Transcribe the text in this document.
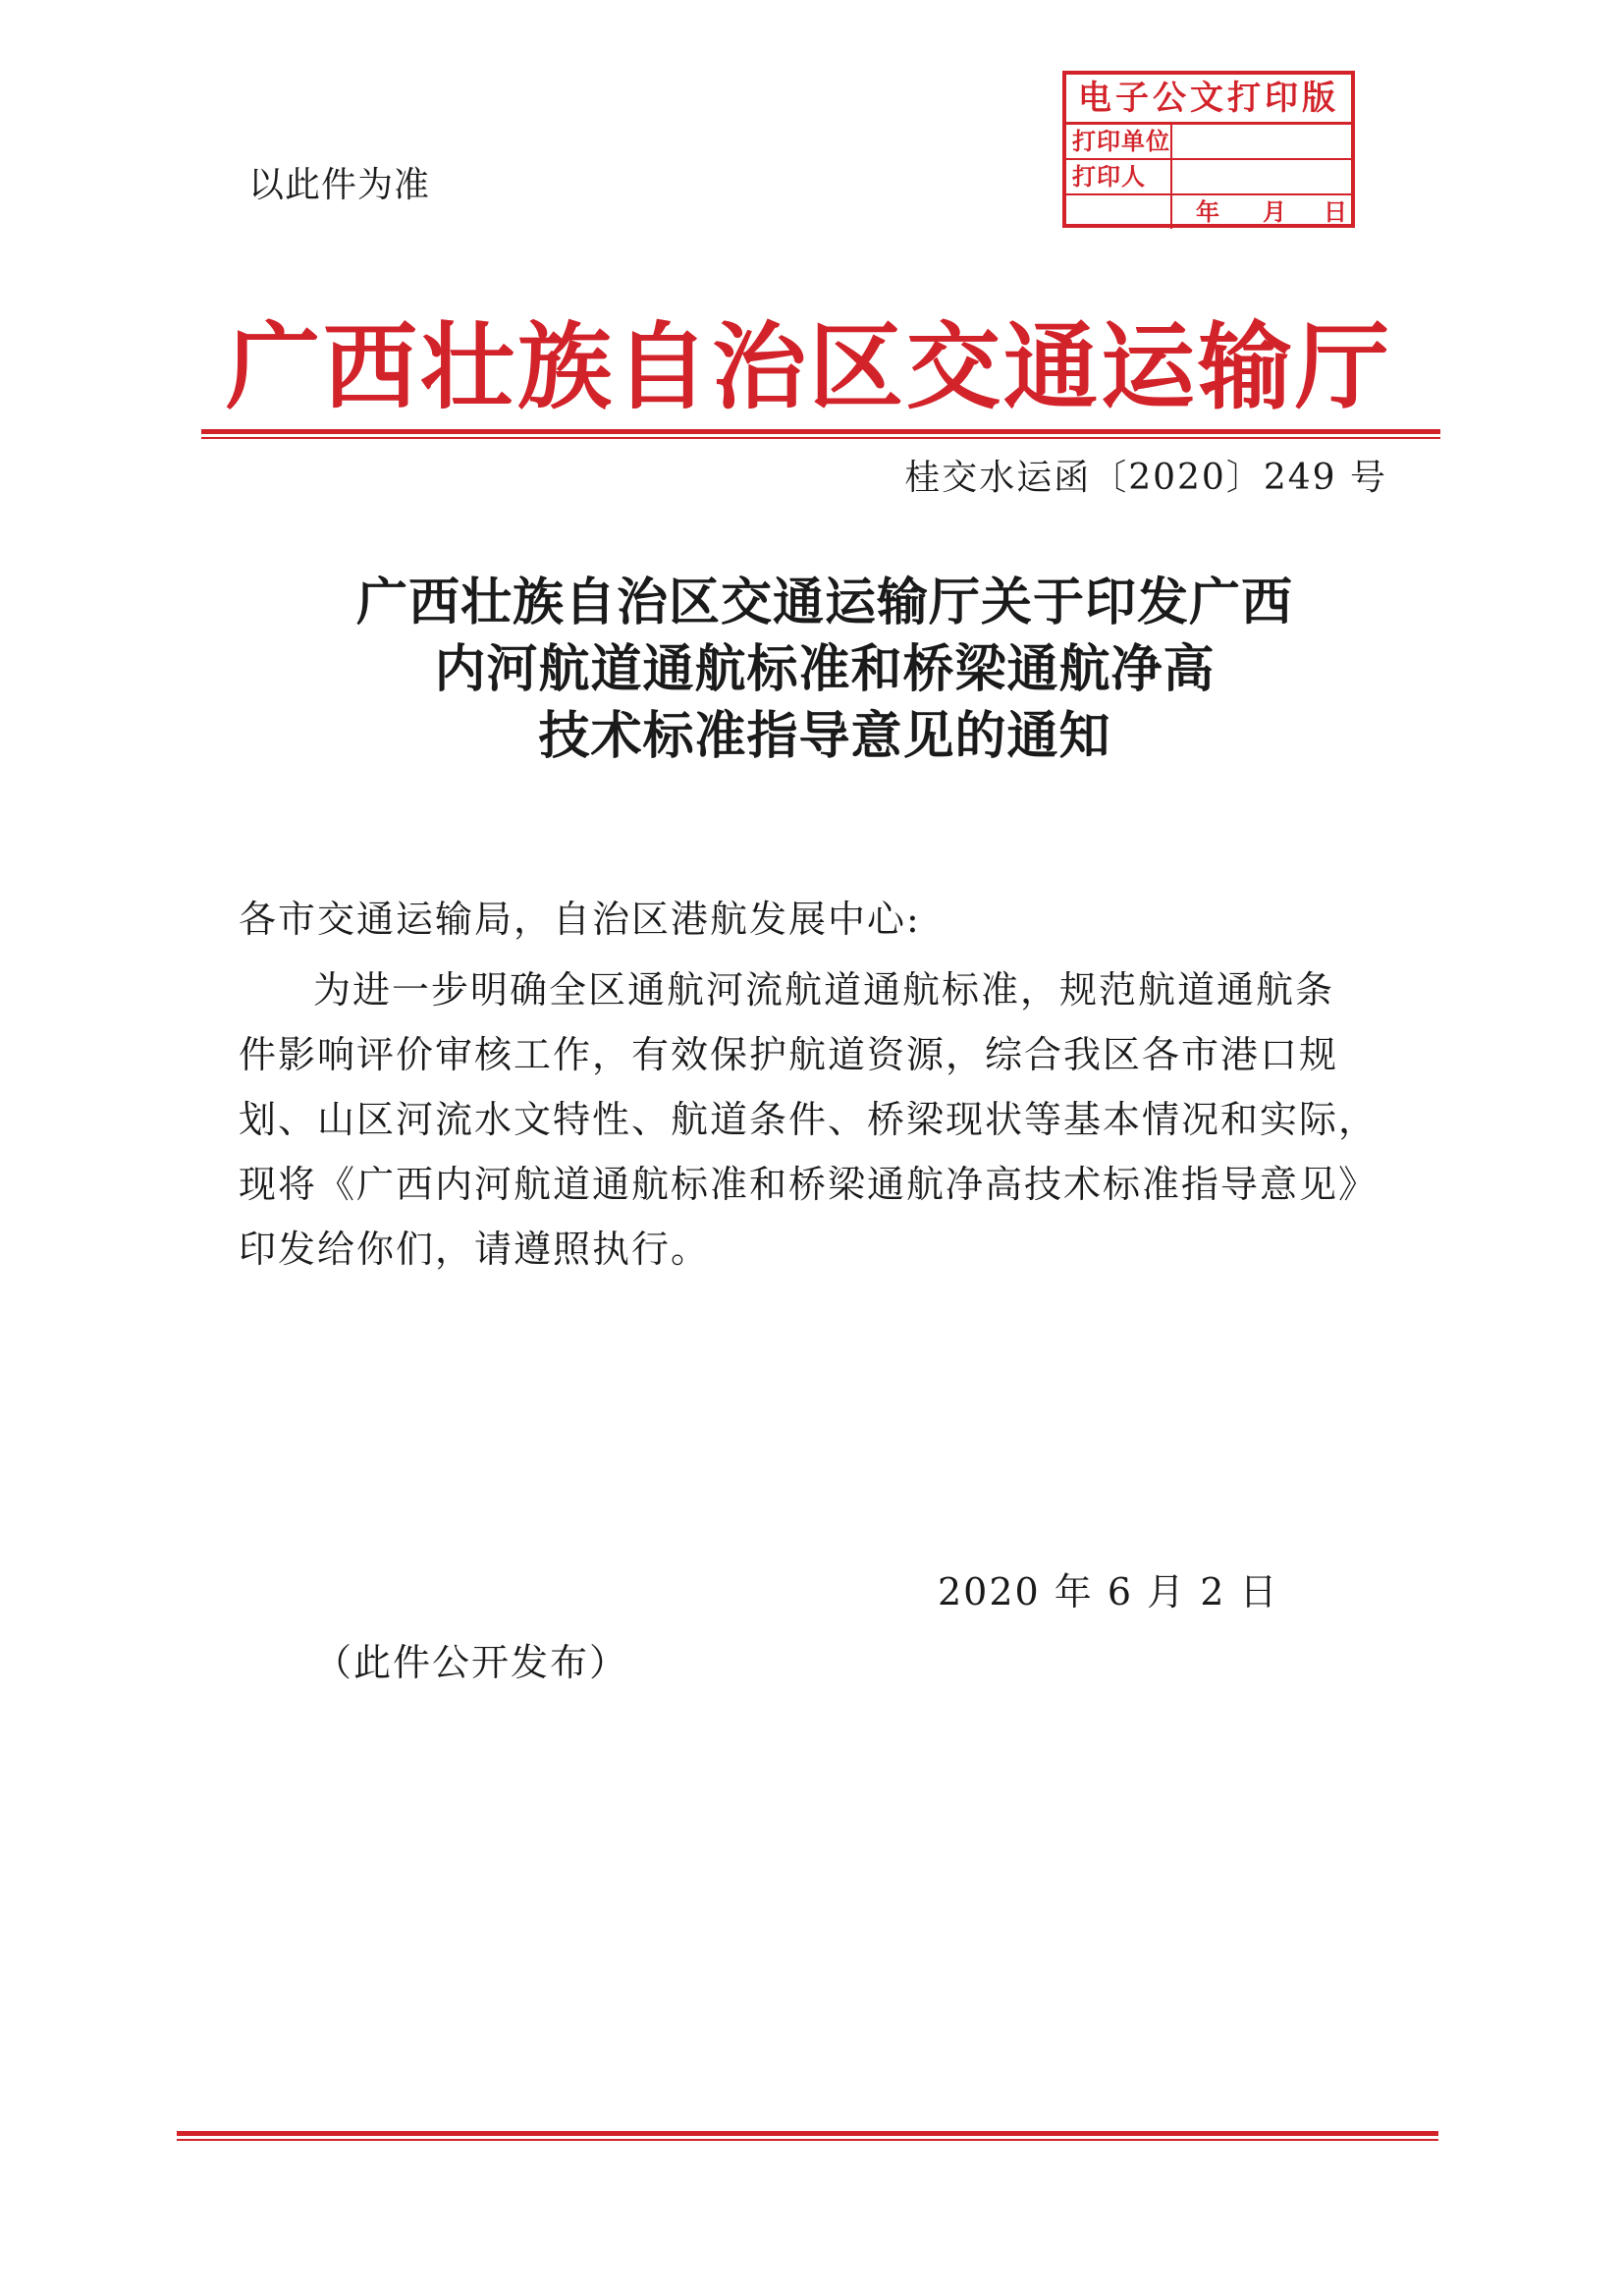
以此件为准
电子公文打印版
打印单位
打印人
年 月 日
广西壮族自治区交通运输厅
桂交水运函〔2020〕249 号
广西壮族自治区交通运输厅关于印发广西
内河航道通航标准和桥梁通航净高
技术标准指导意见的通知
各市交通运输局，自治区港航发展中心:
为进一步明确全区通航河流航道通航标准，规范航道通航条
件影响评价审核工作，有效保护航道资源，综合我区各市港口规
划、山区河流水文特性、航道条件、桥梁现状等基本情况和实际，
现将《广西内河航道通航标准和桥梁通航净高技术标准指导意见》
印发给你们，请遵照执行。
2020 年 6 月 2 日
（此件公开发布）
